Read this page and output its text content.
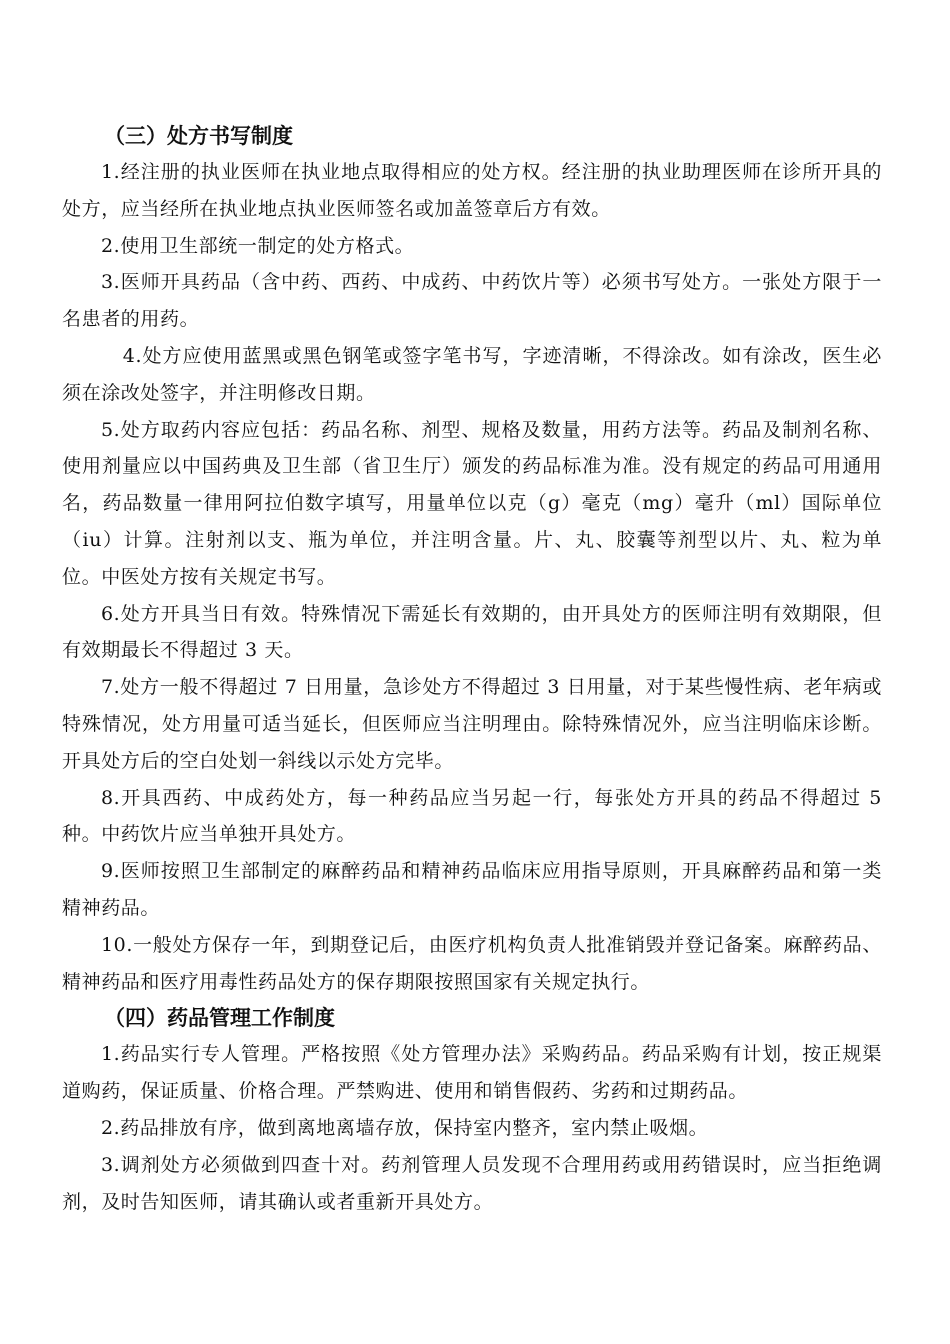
（三）处方书写制度

1.经注册的执业医师在执业地点取得相应的处方权。经注册的执业助理医师在诊所开具的处方，应当经所在执业地点执业医师签名或加盖签章后方有效。

2.使用卫生部统一制定的处方格式。

3.医师开具药品（含中药、西药、中成药、中药饮片等）必须书写处方。一张处方限于一名患者的用药。

4.处方应使用蓝黑或黑色钢笔或签字笔书写，字迹清晰，不得涂改。如有涂改，医生必须在涂改处签字，并注明修改日期。

5.处方取药内容应包括：药品名称、剂型、规格及数量，用药方法等。药品及制剂名称、使用剂量应以中国药典及卫生部（省卫生厅）颁发的药品标准为准。没有规定的药品可用通用名，药品数量一律用阿拉伯数字填写，用量单位以克（g）毫克（mg）毫升（ml）国际单位（iu）计算。注射剂以支、瓶为单位，并注明含量。片、丸、胶囊等剂型以片、丸、粒为单位。中医处方按有关规定书写。

6.处方开具当日有效。特殊情况下需延长有效期的，由开具处方的医师注明有效期限，但有效期最长不得超过 3 天。

7.处方一般不得超过 7 日用量，急诊处方不得超过 3 日用量，对于某些慢性病、老年病或特殊情况，处方用量可适当延长，但医师应当注明理由。除特殊情况外，应当注明临床诊断。开具处方后的空白处划一斜线以示处方完毕。

8.开具西药、中成药处方，每一种药品应当另起一行，每张处方开具的药品不得超过 5 种。中药饮片应当单独开具处方。

9.医师按照卫生部制定的麻醉药品和精神药品临床应用指导原则，开具麻醉药品和第一类精神药品。

10.一般处方保存一年，到期登记后，由医疗机构负责人批准销毁并登记备案。麻醉药品、精神药品和医疗用毒性药品处方的保存期限按照国家有关规定执行。

（四）药品管理工作制度

1.药品实行专人管理。严格按照《处方管理办法》采购药品。药品采购有计划，按正规渠道购药，保证质量、价格合理。严禁购进、使用和销售假药、劣药和过期药品。

2.药品排放有序，做到离地离墙存放，保持室内整齐，室内禁止吸烟。

3.调剂处方必须做到四查十对。药剂管理人员发现不合理用药或用药错误时，应当拒绝调剂，及时告知医师，请其确认或者重新开具处方。
